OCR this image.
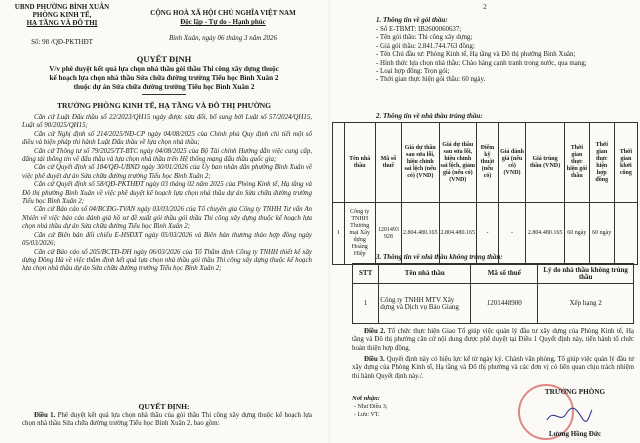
UBND PHƯỜNG BÌNH XUÂN
PHÒNG KINH TẾ,
HẠ TẦNG VÀ ĐÔ THỊ
Số: 98 /QĐ-PKTHĐT
CỘNG HOÀ XÃ HỘI CHỦ NGHĨA VIỆT NAM
Độc lập - Tự do - Hạnh phúc
Bình Xuân, ngày 06 tháng 3 năm 2026
QUYẾT ĐỊNH
V/v phê duyệt kết quả lựa chọn nhà thầu gói thầu Thi công xây dựng thuộc
kế hoạch lựa chọn nhà thầu Sửa chữa đường trường Tiểu học Bình Xuân 2
thuộc dự án Sửa chữa đường trường Tiểu học Bình Xuân 2
TRƯỞNG PHÒNG KINH TẾ, HẠ TẦNG VÀ ĐÔ THỊ PHƯỜNG

Căn cứ Luật Đấu thầu số 22/2023/QH15 ngày được sửa đổi, bổ sung bởi Luật số 57/2024/QH15, Luật số 90/2025/QH15;

Căn cứ Nghị định số 214/2025/NĐ-CP ngày 04/08/2025 của Chính phủ Quy định chi tiết một số điều và biện pháp thi hành Luật Đấu thầu về lựa chọn nhà thầu;

Căn cứ Thông tư số 79/2025/TT-BTC ngày 04/08/2025 của Bộ Tài chính Hướng dẫn việc cung cấp, đăng tải thông tin về đấu thầu và lựa chọn nhà thầu trên Hệ thống mạng đấu thầu quốc gia;

Căn cứ Quyết định số 184/QĐ-UBND ngày 30/01/2026 của Ủy ban nhân dân phường Bình Xuân về việc phê duyệt dự án Sửa chữa đường trường Tiểu học Bình Xuân 2;

Căn cứ Quyết định số 58/QĐ-PKTHĐT ngày 03 tháng 02 năm 2025 của Phòng Kinh tế, Hạ tầng và Đô thị phường Bình Xuân về việc phê duyệt kế hoạch lựa chọn nhà thầu dự án Sửa chữa đường trường Tiểu học Bình Xuân 2;

Căn cứ Báo cáo số 04/BCĐG-TVAN ngày 03/03/2026 của Tổ chuyên gia Công ty TNHH Tư vấn An Nhiên về việc báo cáo đánh giá hồ sơ đề xuất gói thầu gói thầu Thi công xây dựng thuộc kế hoạch lựa chọn nhà thầu dự án Sửa chữa đường Tiểu học Bình Xuân 2;

Căn cứ Biên bản đối chiếu E-HSĐXT ngày 05/03/2026 và Biên bản thương thảo hợp đồng ngày 05/03/2026;

Căn cứ Báo cáo số 205/BCTĐ-ĐH ngày 06/03/2026 của Tổ Thẩm định Công ty TNHH thiết kế xây dựng Đông Hà về việc thẩm định kết quả lựa chọn nhà thầu gói thầu Thi công xây dựng thuộc kế hoạch lựa chọn nhà thầu dự án Sửa chữa đường trường Tiểu học Bình Xuân 2;

QUYẾT ĐỊNH:

Điều 1. Phê duyệt kết quả lựa chọn nhà thầu của gói thầu Thi công xây dựng thuộc kế hoạch lựa chọn nhà thầu Sửa chữa đường trường Tiểu học Bình Xuân 2, bao gồm:

2
1. Thông tin về gói thầu:
- Số E-TBMT: IB2600060637;
- Tên gói thầu: Thi công xây dựng;
- Giá gói thầu: 2.841.744.763 đồng;
- Tên Chủ đầu tư: Phòng Kinh tế, Hạ tầng và Đô thị phường Bình Xuân;
- Hình thức lựa chọn nhà thầu: Chào hàng cạnh tranh trong nước, qua mạng;
- Loại hợp đồng: Trọn gói;
- Thời gian thực hiện gói thầu: 60 ngày.
2. Thông tin về nhà thầu trúng thầu:
	Tên nhà thầu	Mã số thuế	Giá dự thầu sau sửa lỗi, hiệu chỉnh sai lệch (nếu có) (VND)	Giá dự thầu sau sửa lỗi, hiệu chỉnh sai lệch, giảm giá (nếu có) (VND)	Điểm kỹ thuật (nếu có)	Giá đánh giá (nếu có) (VND)	Giá trúng thầu (VND)	Thời gian thực hiện gói thầu	Thời gian thực hiện hợp đồng	Thời gian khởi công
1	Công ty TNHH Thương mại Xây dựng Hoàng Hiệp	1201493928	2.804.480.165	2.804.480.165	-	-	2.804.480.165	60 ngày	60 ngày	
3. Thông tin về nhà thầu không trúng thầu:
STT	Tên nhà thầu	Mã số thuế	Lý do nhà thầu không trúng thầu
1	Công ty TNHH MTV Xây dựng và Dịch vụ Bảo Giang	1201448900	Xếp hạng 2
Điều 2. Tổ chức thực hiện Giao Tổ giúp việc quản lý đầu tư xây dựng của Phòng Kinh tế, Hạ tầng và Đô thị phường căn cứ nội dung được phê duyệt tại Điều 1 Quyết định này, tiến hành tổ chức hoàn thiện hợp đồng.
Điều 3. Quyết định này có hiệu lực kể từ ngày ký. Chánh văn phòng, Tổ giúp việc quản lý đầu tư xây dựng của Phòng Kinh tế, Hạ tầng và Đô thị phường và các đơn vị có liên quan chịu trách nhiệm thi hành Quyết định này./.
Nơi nhận:
- Như Điều 3;
- Lưu: VT.
TRƯỞNG PHÒNG
Lương Hồng Đức
